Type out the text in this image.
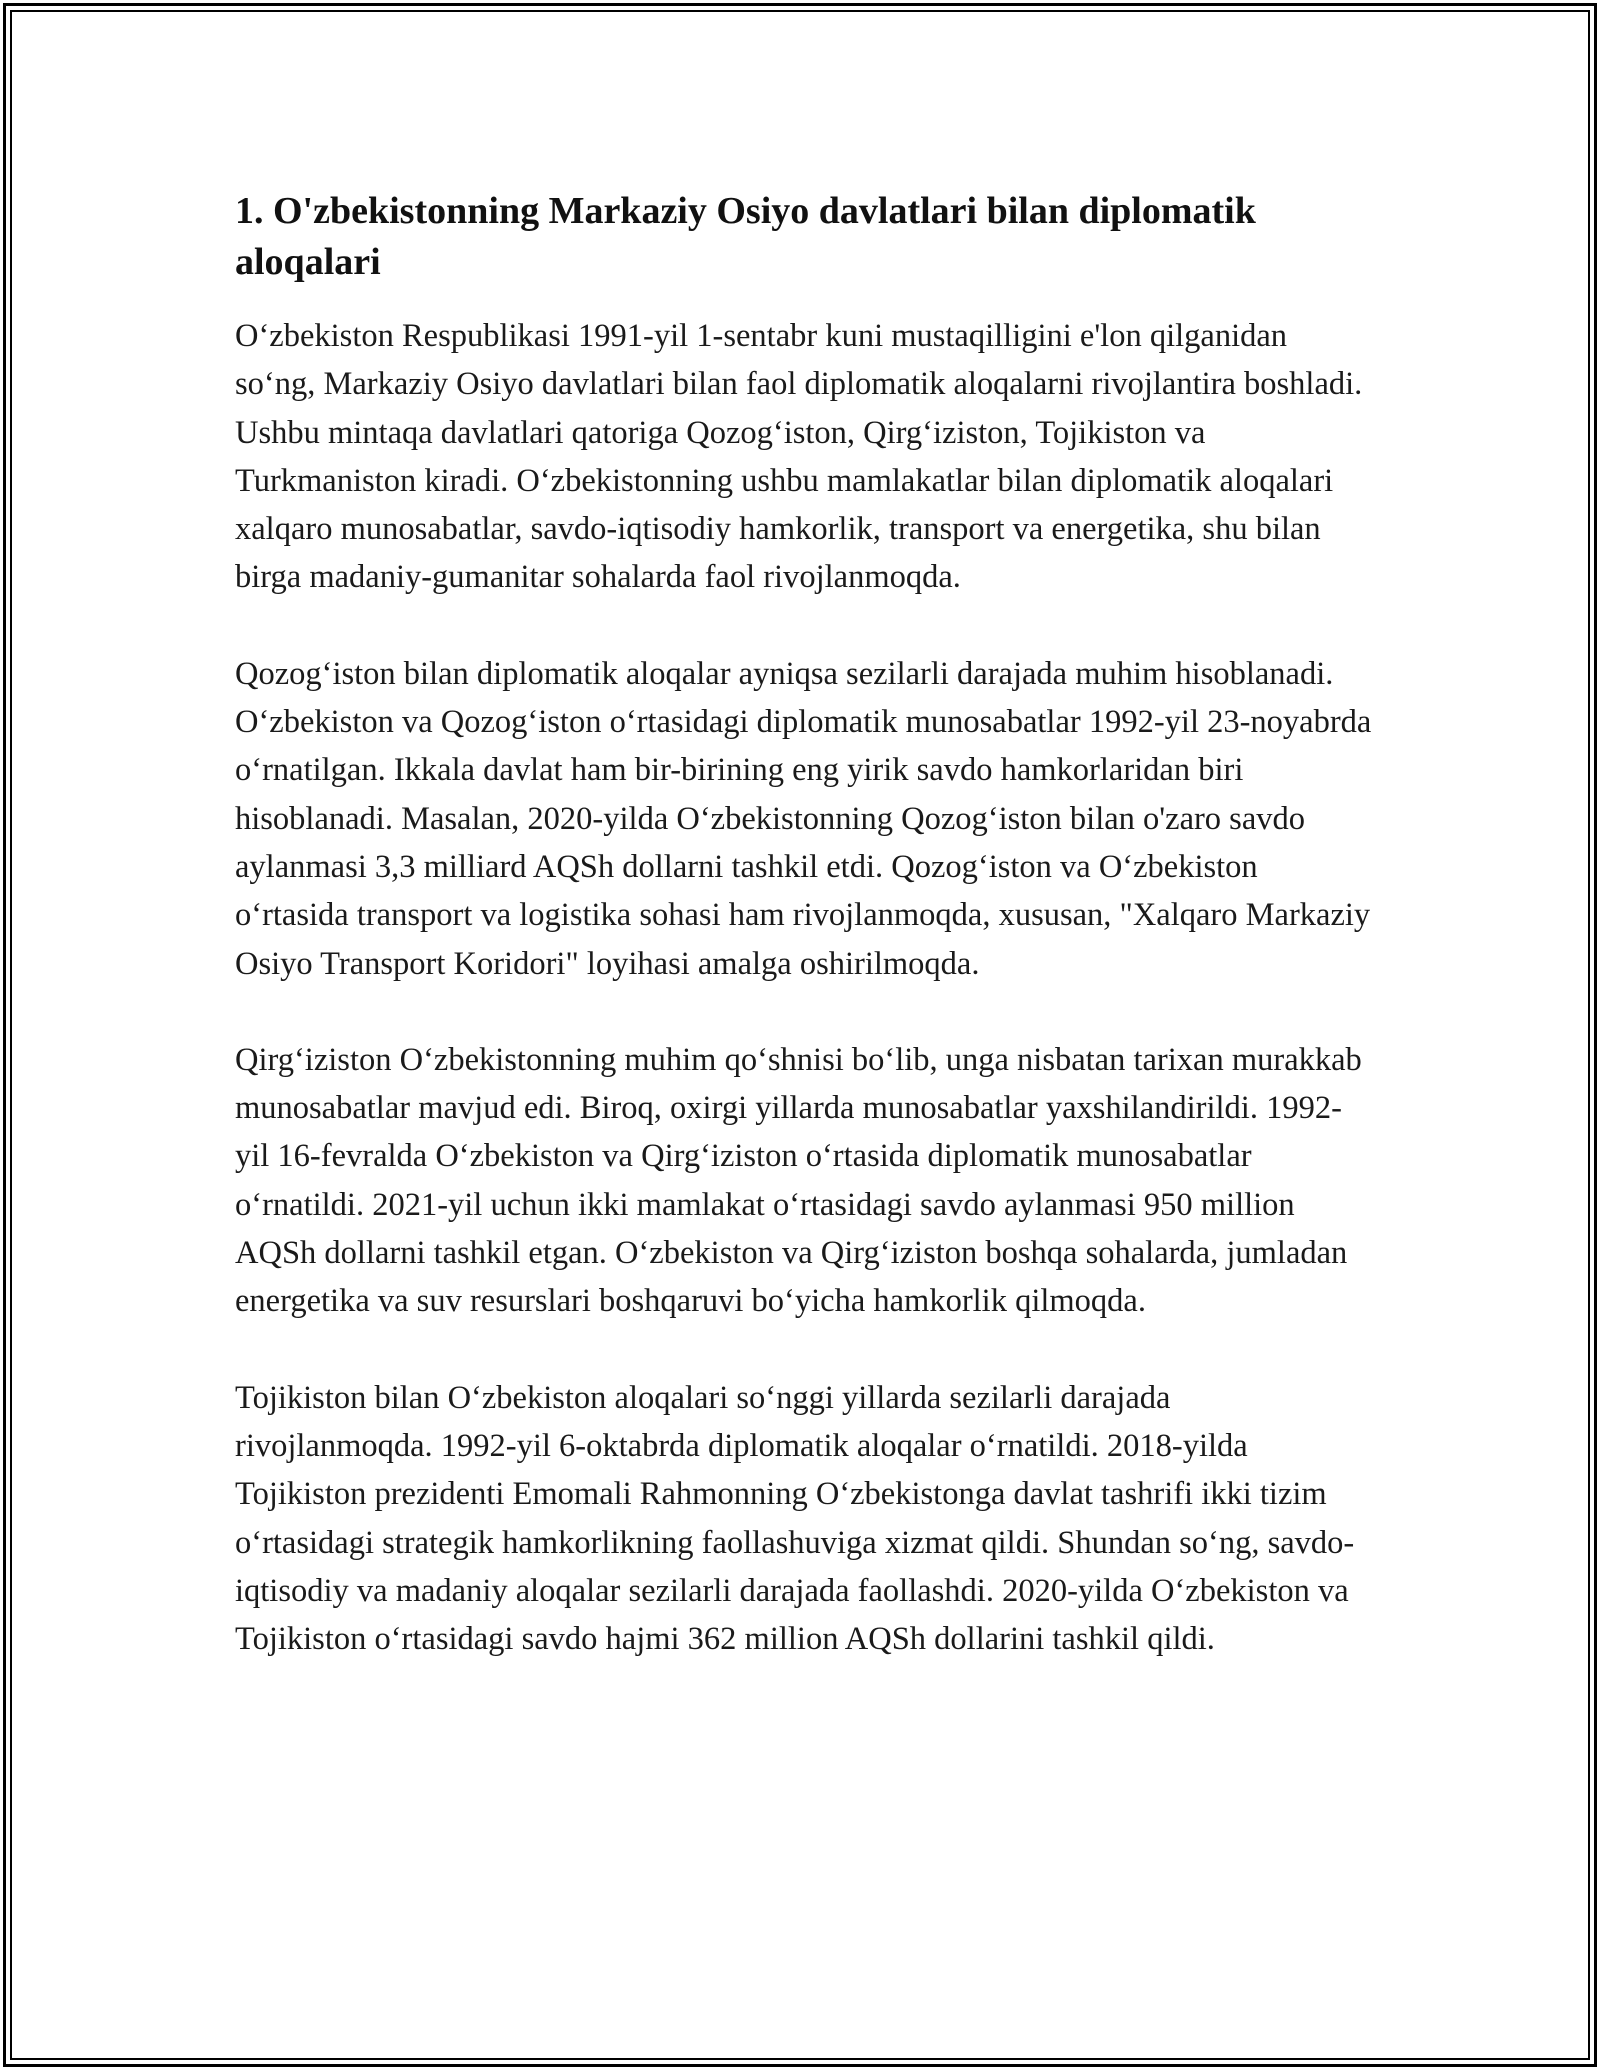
1. O'zbekistonning Markaziy Osiyo davlatlari bilan diplomatik aloqalari

O‘zbekiston Respublikasi 1991-yil 1-sentabr kuni mustaqilligini e'lon qilganidan so‘ng, Markaziy Osiyo davlatlari bilan faol diplomatik aloqalarni rivojlantira boshladi. Ushbu mintaqa davlatlari qatoriga Qozog‘iston, Qirg‘iziston, Tojikiston va Turkmaniston kiradi. O‘zbekistonning ushbu mamlakatlar bilan diplomatik aloqalari xalqaro munosabatlar, savdo-iqtisodiy hamkorlik, transport va energetika, shu bilan birga madaniy-gumanitar sohalarda faol rivojlanmoqda.

Qozog‘iston bilan diplomatik aloqalar ayniqsa sezilarli darajada muhim hisoblanadi. O‘zbekiston va Qozog‘iston o‘rtasidagi diplomatik munosabatlar 1992-yil 23-noyabrda o‘rnatilgan. Ikkala davlat ham bir-birining eng yirik savdo hamkorlaridan biri hisoblanadi. Masalan, 2020-yilda O‘zbekistonning Qozog‘iston bilan o'zaro savdo aylanmasi 3,3 milliard AQSh dollarni tashkil etdi. Qozog‘iston va O‘zbekiston o‘rtasida transport va logistika sohasi ham rivojlanmoqda, xususan, "Xalqaro Markaziy Osiyo Transport Koridori" loyihasi amalga oshirilmoqda.

Qirg‘iziston O‘zbekistonning muhim qo‘shnisi bo‘lib, unga nisbatan tarixan murakkab munosabatlar mavjud edi. Biroq, oxirgi yillarda munosabatlar yaxshilandirildi. 1992-yil 16-fevralda O‘zbekiston va Qirg‘iziston o‘rtasida diplomatik munosabatlar o‘rnatildi. 2021-yil uchun ikki mamlakat o‘rtasidagi savdo aylanmasi 950 million AQSh dollarni tashkil etgan. O‘zbekiston va Qirg‘iziston boshqa sohalarda, jumladan energetika va suv resurslari boshqaruvi bo‘yicha hamkorlik qilmoqda.

Tojikiston bilan O‘zbekiston aloqalari so‘nggi yillarda sezilarli darajada rivojlanmoqda. 1992-yil 6-oktabrda diplomatik aloqalar o‘rnatildi. 2018-yilda Tojikiston prezidenti Emomali Rahmonning O‘zbekistonga davlat tashrifi ikki tizim o‘rtasidagi strategik hamkorlikning faollashuviga xizmat qildi. Shundan so‘ng, savdo-iqtisodiy va madaniy aloqalar sezilarli darajada faollashdi. 2020-yilda O‘zbekiston va Tojikiston o‘rtasidagi savdo hajmi 362 million AQSh dollarini tashkil qildi.
